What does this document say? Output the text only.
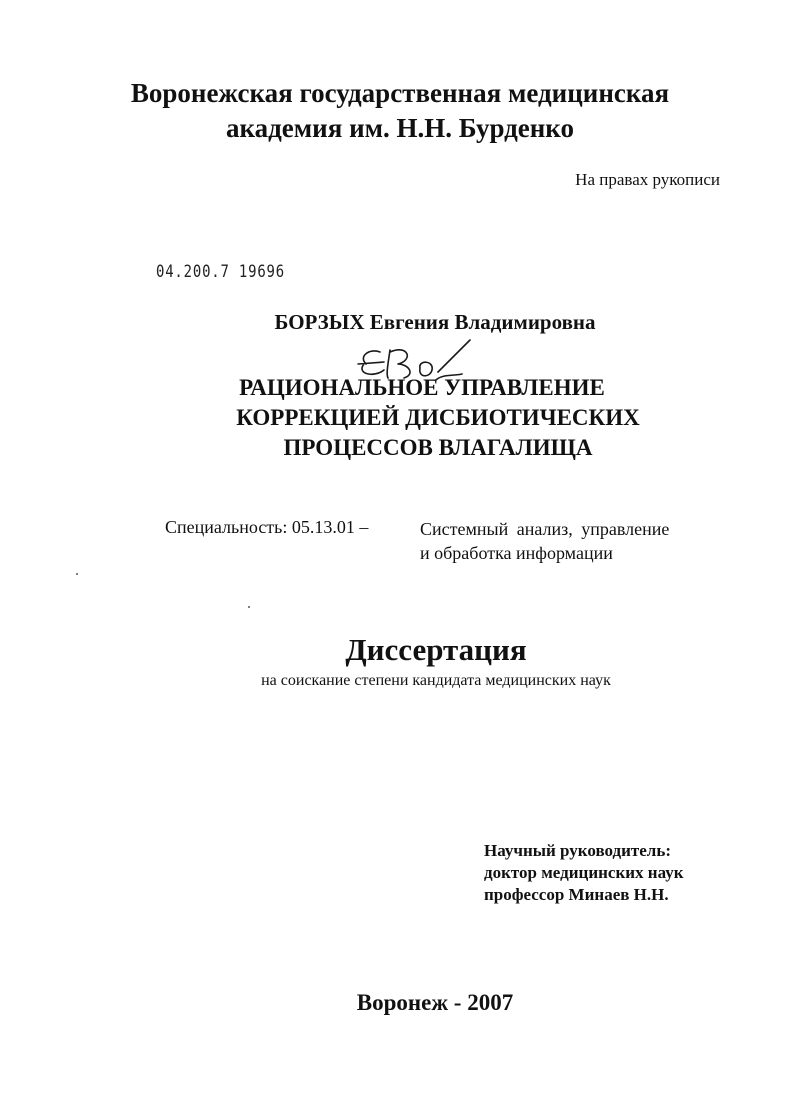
Воронежская государственная медицинская
академия им. Н.Н. Бурденко
На правах рукописи
04.200.7 19696
БОРЗЫХ Евгения Владимировна
РАЦИОНАЛЬНОЕ УПРАВЛЕНИЕ
КОРРЕКЦИЕЙ ДИСБИОТИЧЕСКИХ
ПРОЦЕССОВ ВЛАГАЛИЩА
Специальность: 05.13.01 –	Системный анализ, управление
и обработка информации
Диссертация
на соискание степени кандидата медицинских наук
Научный руководитель:
доктор медицинских наук
профессор Минаев Н.Н.
Воронеж - 2007
